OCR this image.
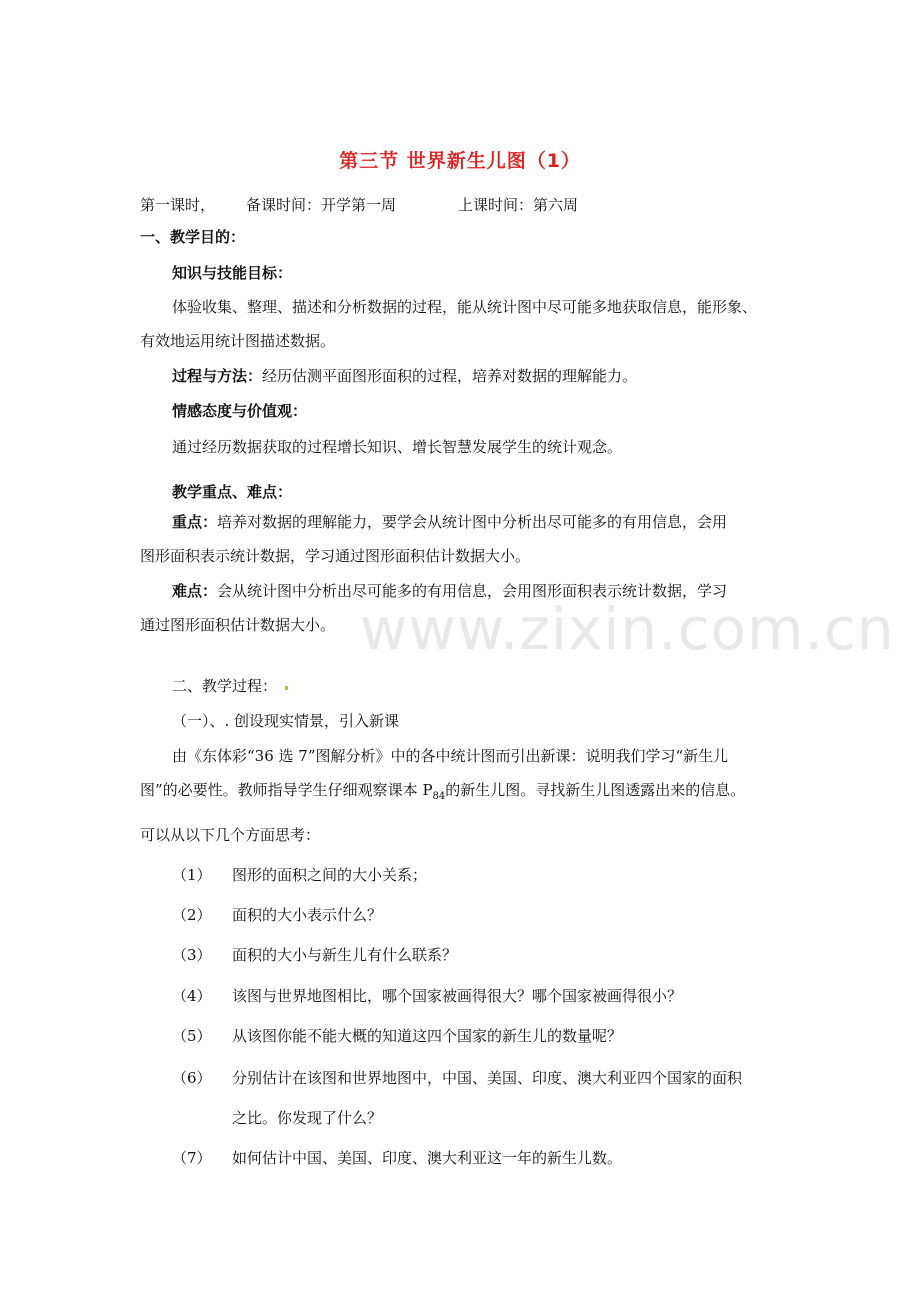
www.zixin.com.cn
第三节 世界新生儿图（1）
第一课时， 备课时间：开学第一周	上课时间：第六周
一、教学目的：
知识与技能目标：
体验收集、整理、描述和分析数据的过程，能从统计图中尽可能多地获取信息，能形象、
有效地运用统计图描述数据。
过程与方法：经历估测平面图形面积的过程，培养对数据的理解能力。
情感态度与价值观：
通过经历数据获取的过程增长知识、增长智慧发展学生的统计观念。
教学重点、难点：
重点：培养对数据的理解能力，要学会从统计图中分析出尽可能多的有用信息，会用
图形面积表示统计数据，学习通过图形面积估计数据大小。
难点：会从统计图中分析出尽可能多的有用信息，会用图形面积表示统计数据，学习
通过图形面积估计数据大小。
二、教学过程：
（一）、. 创设现实情景，引入新课
由《东体彩“36 选 7”图解分析》中的各中统计图而引出新课：说明我们学习“新生儿
图”的必要性。教师指导学生仔细观察课本 $P_{84}$的新生儿图。寻找新生儿图透露出来的信息。
可以从以下几个方面思考：
（1） 图形的面积之间的大小关系；
（2） 面积的大小表示什么？
（3） 面积的大小与新生儿有什么联系？
（4） 该图与世界地图相比，哪个国家被画得很大？哪个国家被画得很小？
（5） 从该图你能不能大概的知道这四个国家的新生儿的数量呢？
（6） 分别估计在该图和世界地图中，中国、美国、印度、澳大利亚四个国家的面积
之比。你发现了什么？
（7） 如何估计中国、美国、印度、澳大利亚这一年的新生儿数。
